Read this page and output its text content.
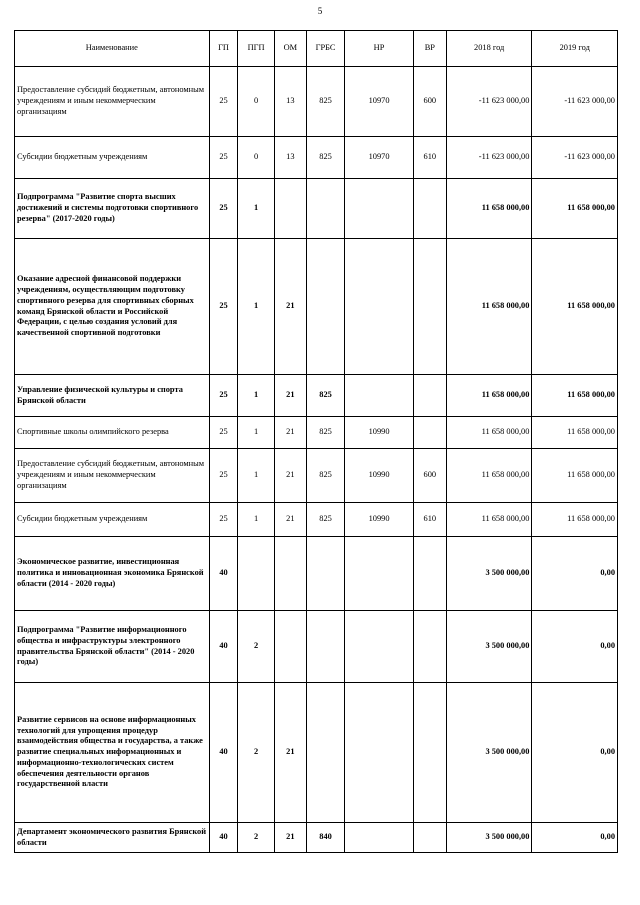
5
Наименование	ГП	ПГП	ОМ	ГРБС	НР	ВР	2018 год	2019 год
Предоставление субсидий бюджетным, автономным учреждениям и иным некоммерческим организациям	25	0	13	825	10970	600	-11 623 000,00	-11 623 000,00
Субсидии бюджетным учреждениям	25	0	13	825	10970	610	-11 623 000,00	-11 623 000,00
Подпрограмма "Развитие спорта высших достижений и системы подготовки спортивного резерва" (2017-2020 годы)	25	1					11 658 000,00	11 658 000,00
Оказание адресной финансовой поддержки учреждениям, осуществляющим подготовку спортивного резерва для спортивных сборных команд Брянской области и Российской Федерации, с целью создания условий для качественной спортивной подготовки	25	1	21				11 658 000,00	11 658 000,00
Управление физической культуры и спорта Брянской области	25	1	21	825			11 658 000,00	11 658 000,00
Спортивные школы олимпийского резерва	25	1	21	825	10990		11 658 000,00	11 658 000,00
Предоставление субсидий бюджетным, автономным учреждениям и иным некоммерческим организациям	25	1	21	825	10990	600	11 658 000,00	11 658 000,00
Субсидии бюджетным учреждениям	25	1	21	825	10990	610	11 658 000,00	11 658 000,00
Экономическое развитие, инвестиционная политика и инновационная экономика Брянской области (2014 - 2020 годы)	40						3 500 000,00	0,00
Подпрограмма "Развитие информационного общества и инфраструктуры электронного правительства Брянской области" (2014 - 2020 годы)	40	2					3 500 000,00	0,00
Развитие сервисов на основе информационных технологий для упрощения процедур взаимодействия общества и государства, а также развитие специальных информационных и информационно-технологических систем обеспечения деятельности органов государственной власти	40	2	21				3 500 000,00	0,00
Департамент экономического развития Брянской области	40	2	21	840			3 500 000,00	0,00
